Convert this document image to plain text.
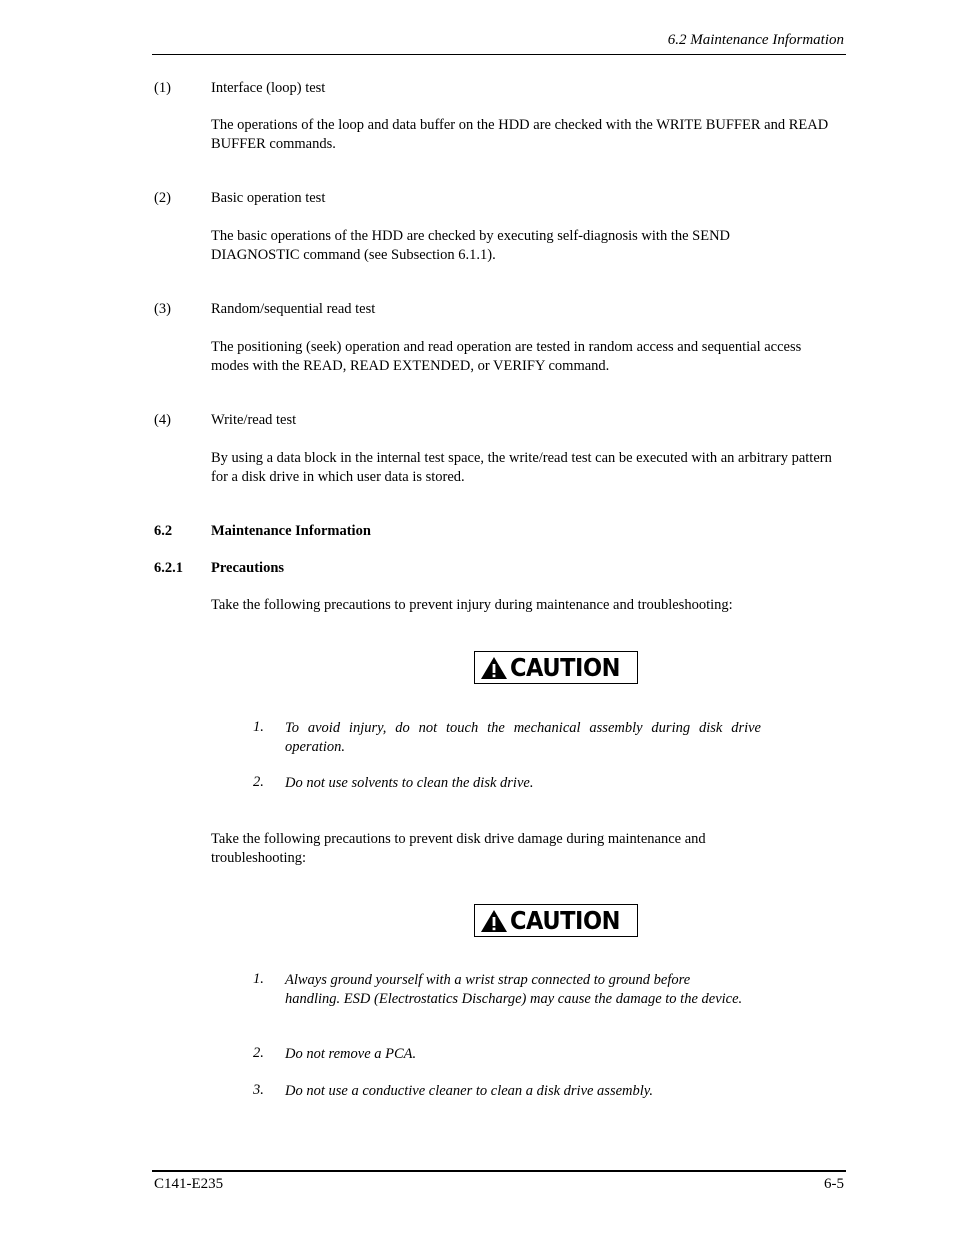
6.2 Maintenance Information
(1)	Interface (loop) test
The operations of the loop and data buffer on the HDD are checked with the WRITE BUFFER and READ BUFFER commands.
(2)	Basic operation test
The basic operations of the HDD are checked by executing self-diagnosis with the SEND DIAGNOSTIC command (see Subsection 6.1.1).
(3)	Random/sequential read test
The positioning (seek) operation and read operation are tested in random access and sequential access modes with the READ, READ EXTENDED, or VERIFY command.
(4)	Write/read test
By using a data block in the internal test space, the write/read test can be executed with an arbitrary pattern for a disk drive in which user data is stored.
6.2	Maintenance Information
6.2.1 Precautions
Take the following precautions to prevent injury during maintenance and troubleshooting:
CAUTION
1. To avoid injury, do not touch the mechanical assembly during disk drive operation.
2. Do not use solvents to clean the disk drive.
Take the following precautions to prevent disk drive damage during maintenance and troubleshooting:
CAUTION
1. Always ground yourself with a wrist strap connected to ground before handling. ESD (Electrostatics Discharge) may cause the damage to the device.
2. Do not remove a PCA.
3. Do not use a conductive cleaner to clean a disk drive assembly.
C141-E235	6-5
